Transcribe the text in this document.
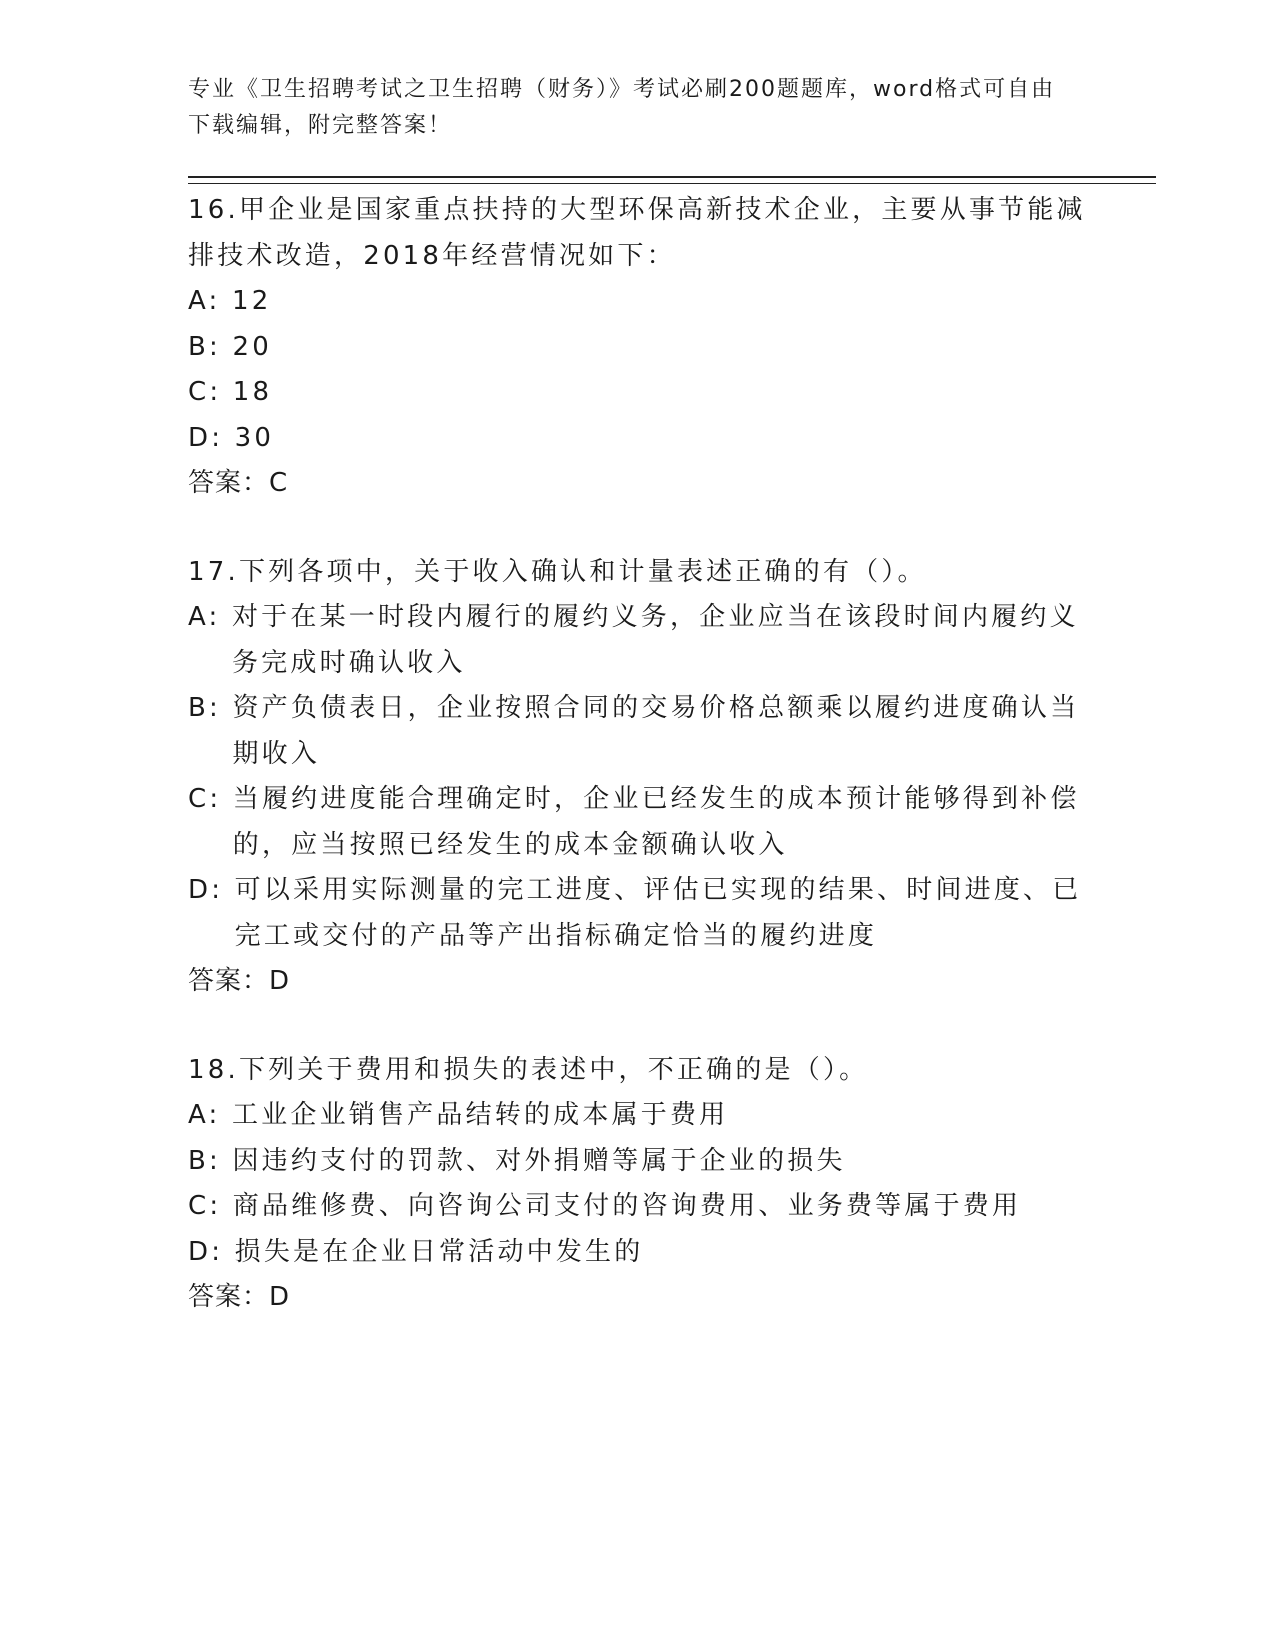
专业《卫生招聘考试之卫生招聘（财务）》考试必刷200题题库，word格式可自由下载编辑，附完整答案！
16.甲企业是国家重点扶持的大型环保高新技术企业，主要从事节能减排技术改造，2018年经营情况如下：
A: 12
B: 20
C: 18
D: 30
答案：C
17.下列各项中，关于收入确认和计量表述正确的有（）。
A: 对于在某一时段内履行的履约义务，企业应当在该段时间内履约义务完成时确认收入
B: 资产负债表日，企业按照合同的交易价格总额乘以履约进度确认当期收入
C: 当履约进度能合理确定时，企业已经发生的成本预计能够得到补偿的，应当按照已经发生的成本金额确认收入
D: 可以采用实际测量的完工进度、评估已实现的结果、时间进度、已完工或交付的产品等产出指标确定恰当的履约进度
答案：D
18.下列关于费用和损失的表述中，不正确的是（）。
A: 工业企业销售产品结转的成本属于费用
B: 因违约支付的罚款、对外捐赠等属于企业的损失
C: 商品维修费、向咨询公司支付的咨询费用、业务费等属于费用
D: 损失是在企业日常活动中发生的
答案：D
